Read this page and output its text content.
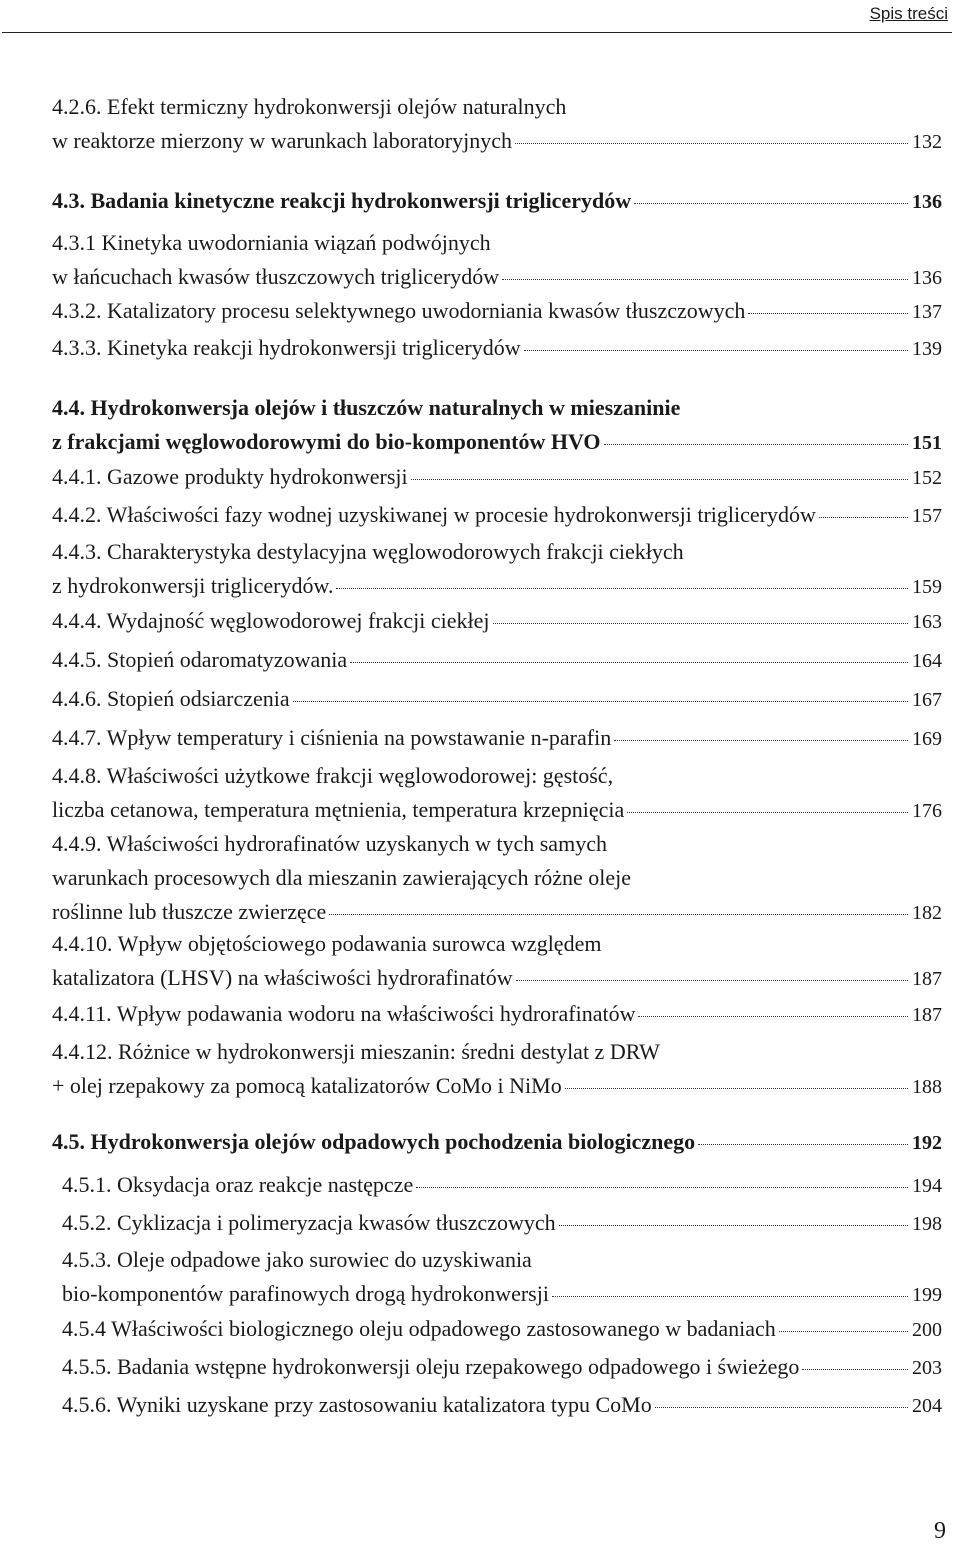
Spis treści
4.2.6. Efekt termiczny hydrokonwersji olejów naturalnych
w reaktorze mierzony w warunkach laboratoryjnych	132
4.3. Badania kinetyczne reakcji hydrokonwersji triglicerydów	136
4.3.1 Kinetyka uwodorniania wiązań podwójnych
w łańcuchach kwasów tłuszczowych triglicerydów	136
4.3.2. Katalizatory procesu selektywnego uwodorniania kwasów tłuszczowych	137
4.3.3. Kinetyka reakcji hydrokonwersji triglicerydów	139
4.4. Hydrokonwersja olejów i tłuszczów naturalnych w mieszaninie
z frakcjami węglowodorowymi do bio-komponentów HVO	151
4.4.1. Gazowe produkty hydrokonwersji	152
4.4.2. Właściwości fazy wodnej uzyskiwanej w procesie hydrokonwersji triglicerydów	157
4.4.3. Charakterystyka destylacyjna węglowodorowych frakcji ciekłych
z hydrokonwersji triglicerydów.	159
4.4.4. Wydajność węglowodorowej frakcji ciekłej	163
4.4.5. Stopień odaromatyzowania	164
4.4.6. Stopień odsiarczenia	167
4.4.7. Wpływ temperatury i ciśnienia na powstawanie n-parafin	169
4.4.8. Właściwości użytkowe frakcji węglowodorowej: gęstość,
liczba cetanowa, temperatura mętnienia, temperatura krzepnięcia	176
4.4.9. Właściwości hydrorafinatów uzyskanych w tych samych
warunkach procesowych dla mieszanin zawierających różne oleje
roślinne lub tłuszcze zwierzęce	182
4.4.10. Wpływ objętościowego podawania surowca względem
katalizatora (LHSV) na właściwości hydrorafinatów	187
4.4.11. Wpływ podawania wodoru na właściwości hydrorafinatów	187
4.4.12. Różnice w hydrokonwersji mieszanin: średni destylat z DRW
+ olej rzepakowy za pomocą katalizatorów CoMo i NiMo	188
4.5. Hydrokonwersja olejów odpadowych pochodzenia biologicznego	192
4.5.1. Oksydacja oraz reakcje następcze	194
4.5.2. Cyklizacja i polimeryzacja kwasów tłuszczowych	198
4.5.3. Oleje odpadowe jako surowiec do uzyskiwania
bio-komponentów parafinowych drogą hydrokonwersji	199
4.5.4 Właściwości biologicznego oleju odpadowego zastosowanego w badaniach	200
4.5.5. Badania wstępne hydrokonwersji oleju rzepakowego odpadowego i świeżego	203
4.5.6. Wyniki uzyskane przy zastosowaniu katalizatora typu CoMo	204
9
